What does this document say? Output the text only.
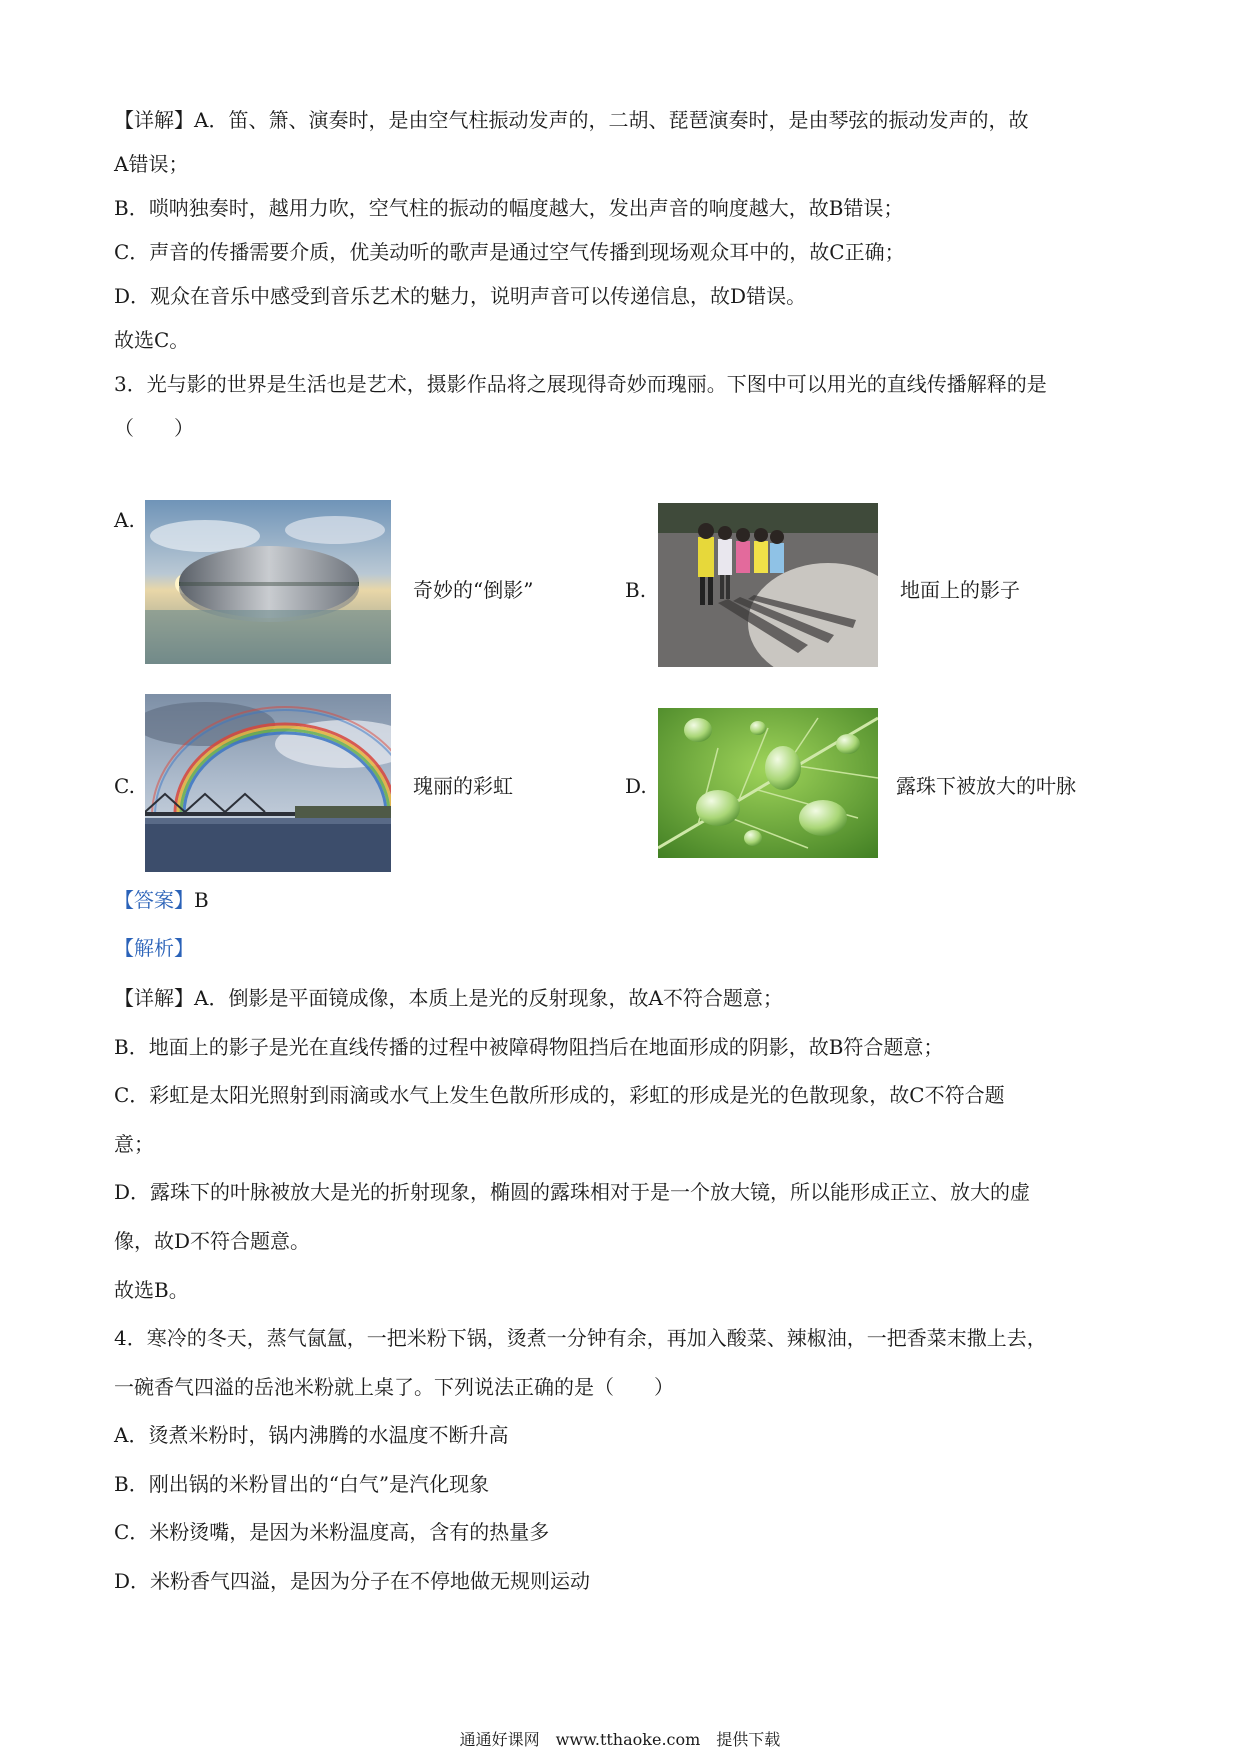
【详解】A．笛、箫、演奏时，是由空气柱振动发声的，二胡、琵琶演奏时，是由琴弦的振动发声的，故
A错误；
B．唢呐独奏时，越用力吹，空气柱的振动的幅度越大，发出声音的响度越大，故B错误；
C．声音的传播需要介质，优美动听的歌声是通过空气传播到现场观众耳中的，故C正确；
D．观众在音乐中感受到音乐艺术的魅力，说明声音可以传递信息，故D错误。
故选C。
3．光与影的世界是生活也是艺术，摄影作品将之展现得奇妙而瑰丽。下图中可以用光的直线传播解释的是
（　　）
A.
奇妙的“倒影”	B.	地面上的影子
C.	瑰丽的彩虹	D.	露珠下被放大的叶脉
【答案】B
【解析】
【详解】A．倒影是平面镜成像，本质上是光的反射现象，故A不符合题意；
B．地面上的影子是光在直线传播的过程中被障碍物阻挡后在地面形成的阴影，故B符合题意；
C．彩虹是太阳光照射到雨滴或水气上发生色散所形成的，彩虹的形成是光的色散现象，故C不符合题
意；
D．露珠下的叶脉被放大是光的折射现象，椭圆的露珠相对于是一个放大镜，所以能形成正立、放大的虚
像，故D不符合题意。
故选B。
4．寒冷的冬天，蒸气氤氲，一把米粉下锅，烫煮一分钟有余，再加入酸菜、辣椒油，一把香菜末撒上去，
一碗香气四溢的岳池米粉就上桌了。下列说法正确的是（　　）
A．烫煮米粉时，锅内沸腾的水温度不断升高
B．刚出锅的米粉冒出的“白气”是汽化现象
C．米粉烫嘴，是因为米粉温度高，含有的热量多
D．米粉香气四溢，是因为分子在不停地做无规则运动
通通好课网　www.tthaoke.com　提供下载
